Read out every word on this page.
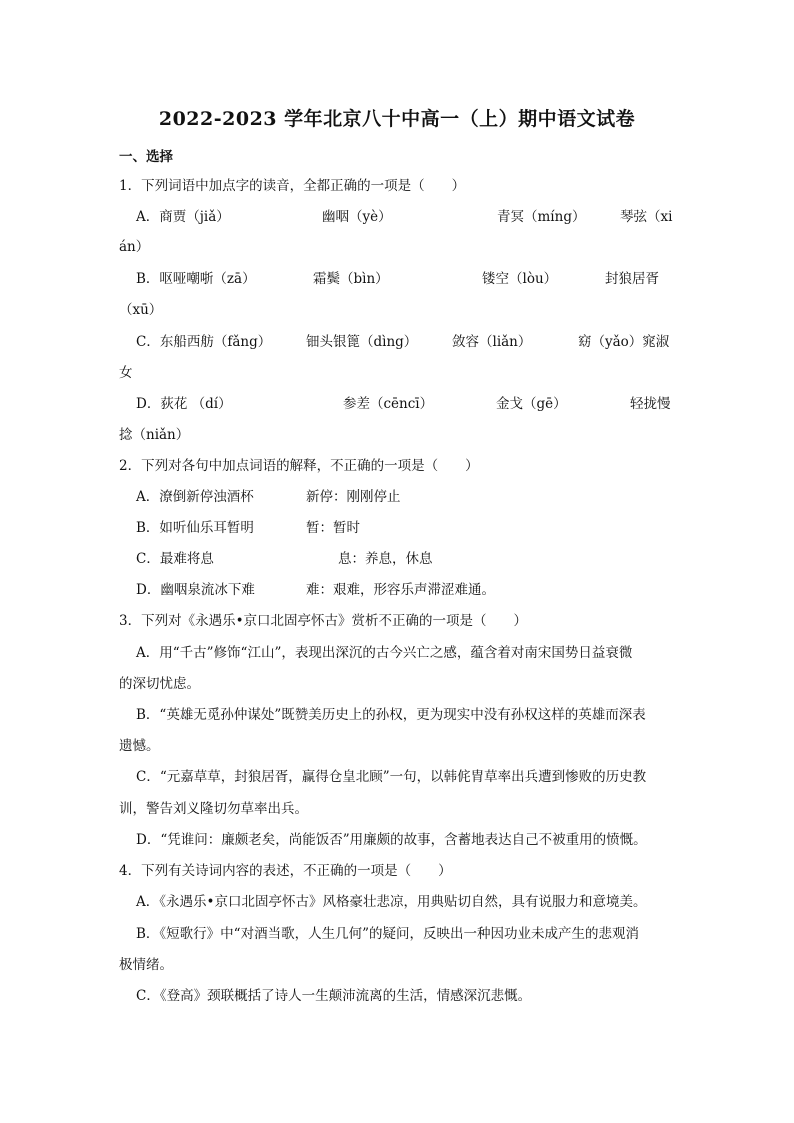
2022-2023 学年北京八十中高一（上）期中语文试卷
一、选择
1．下列词语中加点字的读音，全都正确的一项是（　　）
A．商贾（jiǎ）	幽咽（yè）	青冥（míng）	琴弦（xi
án）
B．呕哑嘲哳（zā）	霜鬓（bìn）	镂空（lòu）	封狼居胥
（xū）
C．东船西舫（fǎng）	钿头银篦（dìng）	敛容（liǎn）	窈（yǎo）窕淑
女
D．荻花 （dí）	参差（cēncī）	金戈（gē）	轻拢慢
捻（niǎn）
2．下列对各句中加点词语的解释，不正确的一项是（　　）
A．潦倒新停浊酒杯	新停：刚刚停止
B．如听仙乐耳暂明	暂：暂时
C．最难将息	息：养息，休息
D．幽咽泉流冰下难	难：艰难，形容乐声滞涩难通。
3．下列对《永遇乐•京口北固亭怀古》赏析不正确的一项是（　　）
A．用“千古”修饰“江山”，表现出深沉的古今兴亡之感，蕴含着对南宋国势日益衰微
的深切忧虑。
B．“英雄无觅孙仲谋处”既赞美历史上的孙权，更为现实中没有孙权这样的英雄而深表
遗憾。
C．“元嘉草草，封狼居胥，赢得仓皇北顾”一句，以韩侂胄草率出兵遭到惨败的历史教
训，警告刘义隆切勿草率出兵。
D．“凭谁问：廉颇老矣，尚能饭否”用廉颇的故事，含蓄地表达自己不被重用的愤慨。
4．下列有关诗词内容的表述，不正确的一项是（　　）
A．《永遇乐•京口北固亭怀古》风格豪壮悲凉，用典贴切自然，具有说服力和意境美。
B．《短歌行》中“对酒当歌，人生几何”的疑问，反映出一种因功业未成产生的悲观消
极情绪。
C．《登高》颈联概括了诗人一生颠沛流离的生活，情感深沉悲慨。
